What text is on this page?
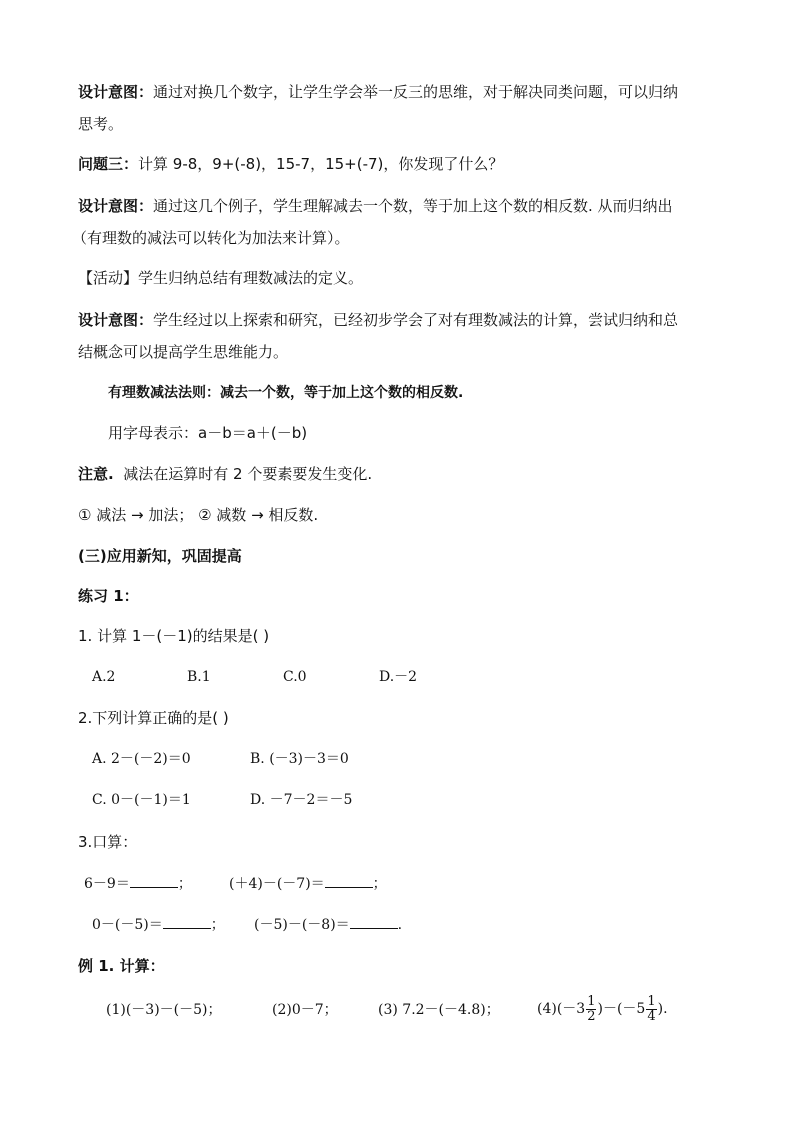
设计意图：通过对换几个数字，让学生学会举一反三的思维，对于解决同类问题，可以归纳
思考。
问题三：计算 9-8，9+(-8)，15-7，15+(-7)，你发现了什么？
设计意图：通过这几个例子，学生理解减去一个数，等于加上这个数的相反数. 从而归纳出
（有理数的减法可以转化为加法来计算）。
【活动】学生归纳总结有理数减法的定义。
设计意图：学生经过以上探索和研究，已经初步学会了对有理数减法的计算，尝试归纳和总
结概念可以提高学生思维能力。
有理数减法法则：减去一个数，等于加上这个数的相反数.
用字母表示：a－b＝a＋(－b)
注意. 减法在运算时有 2 个要素要发生变化.
① 减法 → 加法； ② 减数 → 相反数.
(三)应用新知，巩固提高
练习 1：
1. 计算 1－(－1)的结果是( )
A.2	B.1	C.0	D.－2
2.下列计算正确的是( )
A. 2－(－2)＝0	B. (－3)－3＝0
C. 0－(－1)＝1	D. －7－2＝－5
3.口算：
6－9＝	；	(＋4)－(－7)＝	；
0－(－5)＝	； (－5)－(－8)＝	.
例 1. 计算：
(1)(－3)－(－5)；	(2)0－7；	(3) 7.2－(－4.8)；	$(4)(-3 \frac{1}{2} )-(-5 \frac{1}{4}$ ).
